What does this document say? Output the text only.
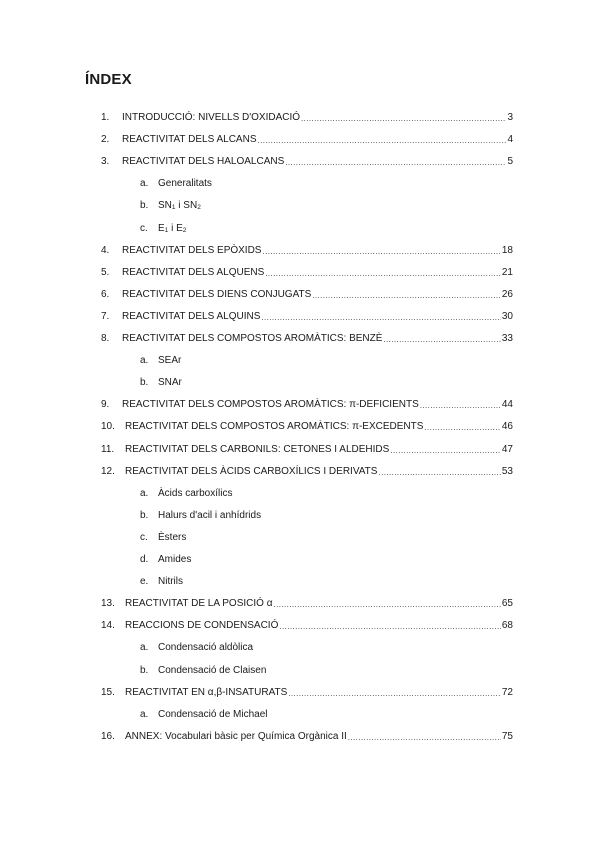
ÍNDEX
1.	INTRODUCCIÓ: NIVELLS D'OXIDACIÓ .....	3
2.	REACTIVITAT DELS ALCANS .....	4
3.	REACTIVITAT DELS HALOALCANS .....	5
a. Generalitats
b. $SN_1$ i $SN_2$
c.	$E_1$ i $E_2$
4.	REACTIVITAT DELS EPÒXIDS .....	18
5.	REACTIVITAT DELS ALQUENS .....	21
6.	REACTIVITAT DELS DIENS CONJUGATS .....	26
7.	REACTIVITAT DELS ALQUINS .....	30
8.	REACTIVITAT DELS COMPOSTOS AROMÀTICS: BENZÈ .....	33
a. SEAr
b. SNAr
9.	REACTIVITAT DELS COMPOSTOS AROMÀTICS: π-DEFICIENTS .....	44
10.	REACTIVITAT DELS COMPOSTOS AROMÀTICS: π-EXCEDENTS .....	46
11.	REACTIVITAT DELS CARBONILS: CETONES I ALDEHIDS .....	47
12.	REACTIVITAT DELS ÀCIDS CARBOXÍLICS I DERIVATS .....	53
a. Àcids carboxílics
b. Halurs d'acil i anhídrids
c.	Èsters
d. Amides
e. Nitrils
13.	REACTIVITAT DE LA POSICIÓ α .....	65
14.	REACCIONS DE CONDENSACIÓ .....	68
a. Condensació aldòlica
b. Condensació de Claisen
15.	REACTIVITAT EN α,β-INSATURATS .....	72
a. Condensació de Michael
16.	ANNEX: Vocabulari bàsic per Química Orgànica II .....	75
